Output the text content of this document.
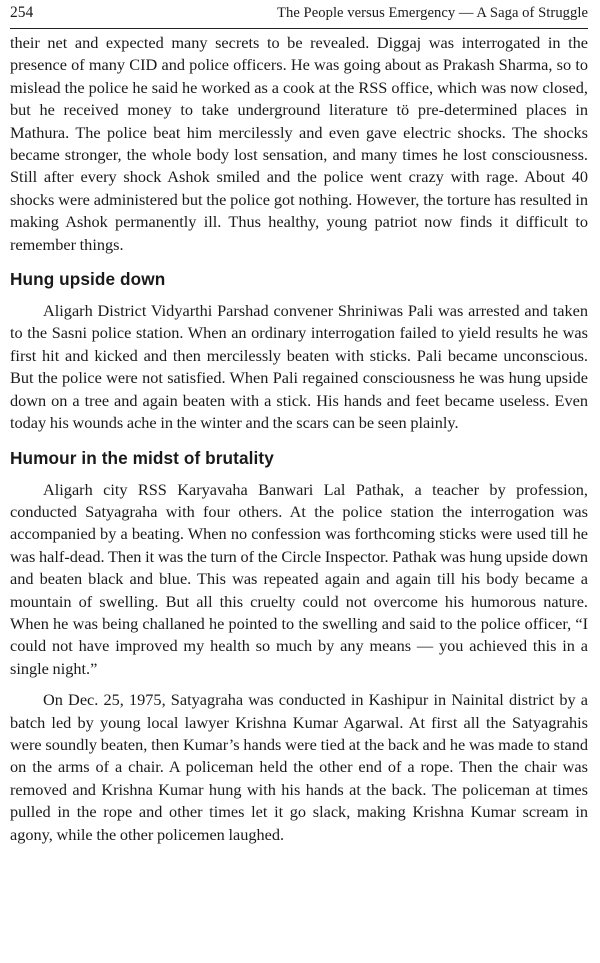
254	The People versus Emergency — A Saga of Struggle

their net and expected many secrets to be revealed. Diggaj was interrogated in the presence of many CID and police officers. He was going about as Prakash Sharma, so to mislead the police he said he worked as a cook at the RSS office, which was now closed, but he received money to take underground literature tö pre-determined places in Mathura. The police beat him mercilessly and even gave electric shocks. The shocks became stronger, the whole body lost sensation, and many times he lost consciousness. Still after every shock Ashok smiled and the police went crazy with rage. About 40 shocks were administered but the police got nothing. However, the torture has resulted in making Ashok permanently ill. Thus healthy, young patriot now finds it difficult to remember things.

Hung upside down

Aligarh District Vidyarthi Parshad convener Shriniwas Pali was arrested and taken to the Sasni police station. When an ordinary interrogation failed to yield results he was first hit and kicked and then mercilessly beaten with sticks. Pali became unconscious. But the police were not satisfied. When Pali regained consciousness he was hung upside down on a tree and again beaten with a stick. His hands and feet became useless. Even today his wounds ache in the winter and the scars can be seen plainly.

Humour in the midst of brutality

Aligarh city RSS Karyavaha Banwari Lal Pathak, a teacher by profession, conducted Satyagraha with four others. At the police station the interrogation was accompanied by a beating. When no confession was forthcoming sticks were used till he was half-dead. Then it was the turn of the Circle Inspector. Pathak was hung upside down and beaten black and blue. This was repeated again and again till his body became a mountain of swelling. But all this cruelty could not overcome his humorous nature. When he was being challaned he pointed to the swelling and said to the police officer, “I could not have improved my health so much by any means — you achieved this in a single night.”

On Dec. 25, 1975, Satyagraha was conducted in Kashipur in Nainital district by a batch led by young local lawyer Krishna Kumar Agarwal. At first all the Satyagrahis were soundly beaten, then Kumar’s hands were tied at the back and he was made to stand on the arms of a chair. A policeman held the other end of a rope. Then the chair was removed and Krishna Kumar hung with his hands at the back. The policeman at times pulled in the rope and other times let it go slack, making Krishna Kumar scream in agony, while the other policemen laughed.
